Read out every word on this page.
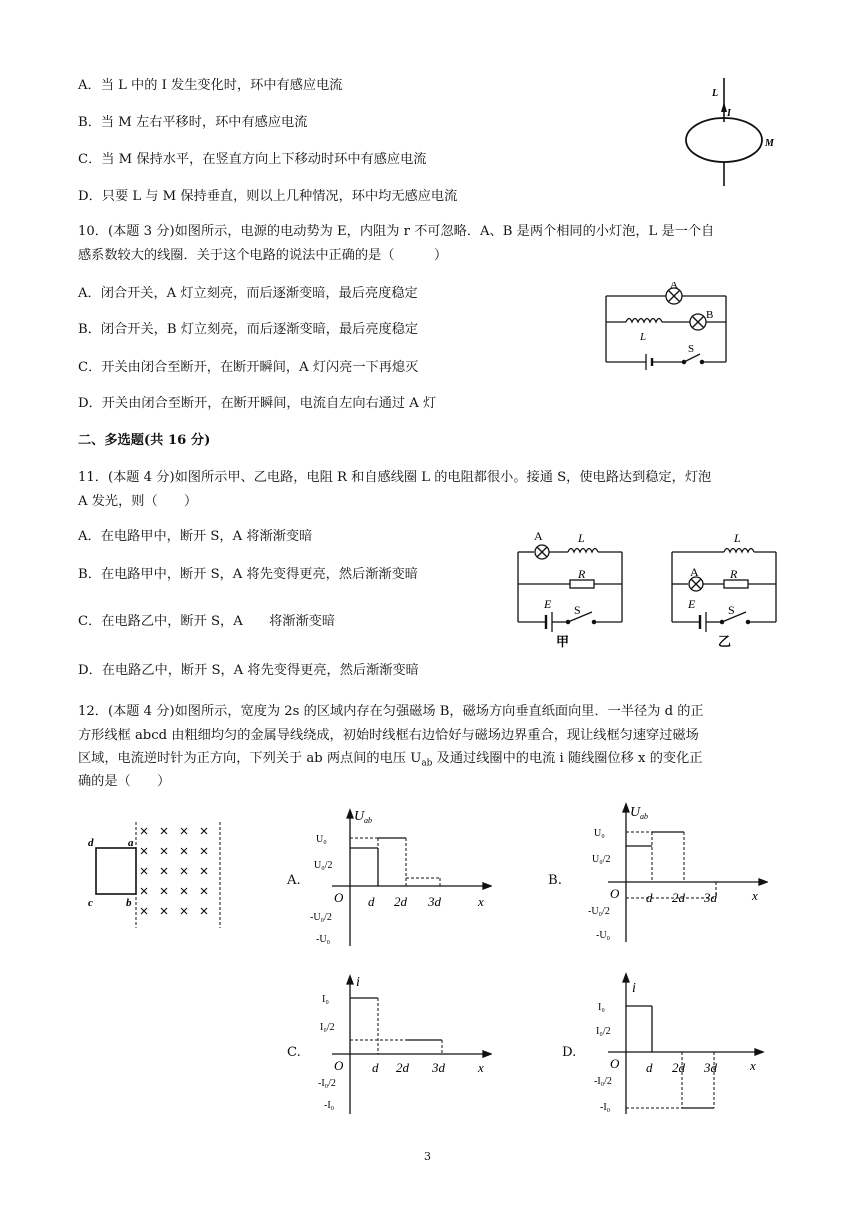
A．当 L 中的 I 发生变化时，环中有感应电流
B．当 M 左右平移时，环中有感应电流
C．当 M 保持水平，在竖直方向上下移动时环中有感应电流
D．只要 L 与 M 保持垂直，则以上几种情况，环中均无感应电流
L
I
M
10．(本题 3 分)如图所示，电源的电动势为 E，内阻为 r 不可忽略．A、B 是两个相同的小灯泡，L 是一个自
感系数较大的线圈．关于这个电路的说法中正确的是（　　　）
A．闭合开关，A 灯立刻亮，而后逐渐变暗，最后亮度稳定
B．闭合开关，B 灯立刻亮，而后逐渐变暗，最后亮度稳定
C．开关由闭合至断开，在断开瞬间，A 灯闪亮一下再熄灭
D．开关由闭合至断开，在断开瞬间，电流自左向右通过 A 灯
A
B
L
S
二、多选题(共 16 分)
11．(本题 4 分)如图所示甲、乙电路，电阻 R 和自感线圈 L 的电阻都很小。接通 S，使电路达到稳定，灯泡
A 发光，则（　　）
A．在电路甲中，断开 S，A 将渐渐变暗
B．在电路甲中，断开 S，A 将先变得更亮，然后渐渐变暗
C．在电路乙中，断开 S，A　　将渐渐变暗
D．在电路乙中，断开 S，A 将先变得更亮，然后渐渐变暗
A	L
R
E S
甲
L
A	R
E	S
乙
12．(本题 4 分)如图所示，宽度为 2s 的区域内存在匀强磁场 B，磁场方向垂直纸面向里．一半径为 d 的正
方形线框 abcd 由粗细均匀的金属导线绕成，初始时线框右边恰好与磁场边界重合，现让线框匀速穿过磁场
区域，电流逆时针为正方向，下列关于 ab 两点间的电压 $U_{ab}$ 及通过线圈中的电流 i 随线圈位移 x 的变化正
确的是（　　）
d	a
c	b
A.
U ab
U₀
U₀/2
O d 2d 3d	x
-U₀/2
-U₀
B.
U ab
U₀
U₀/2
O d 2d 3d	x
-U₀/2
-U₀
C.
i
I₀
I₀/2
O d 2d 3d	x
-I₀/2
-I₀
D.
i
I₀
I₀/2
O d 2d 3d	x
-I₀/2
-I₀
3
